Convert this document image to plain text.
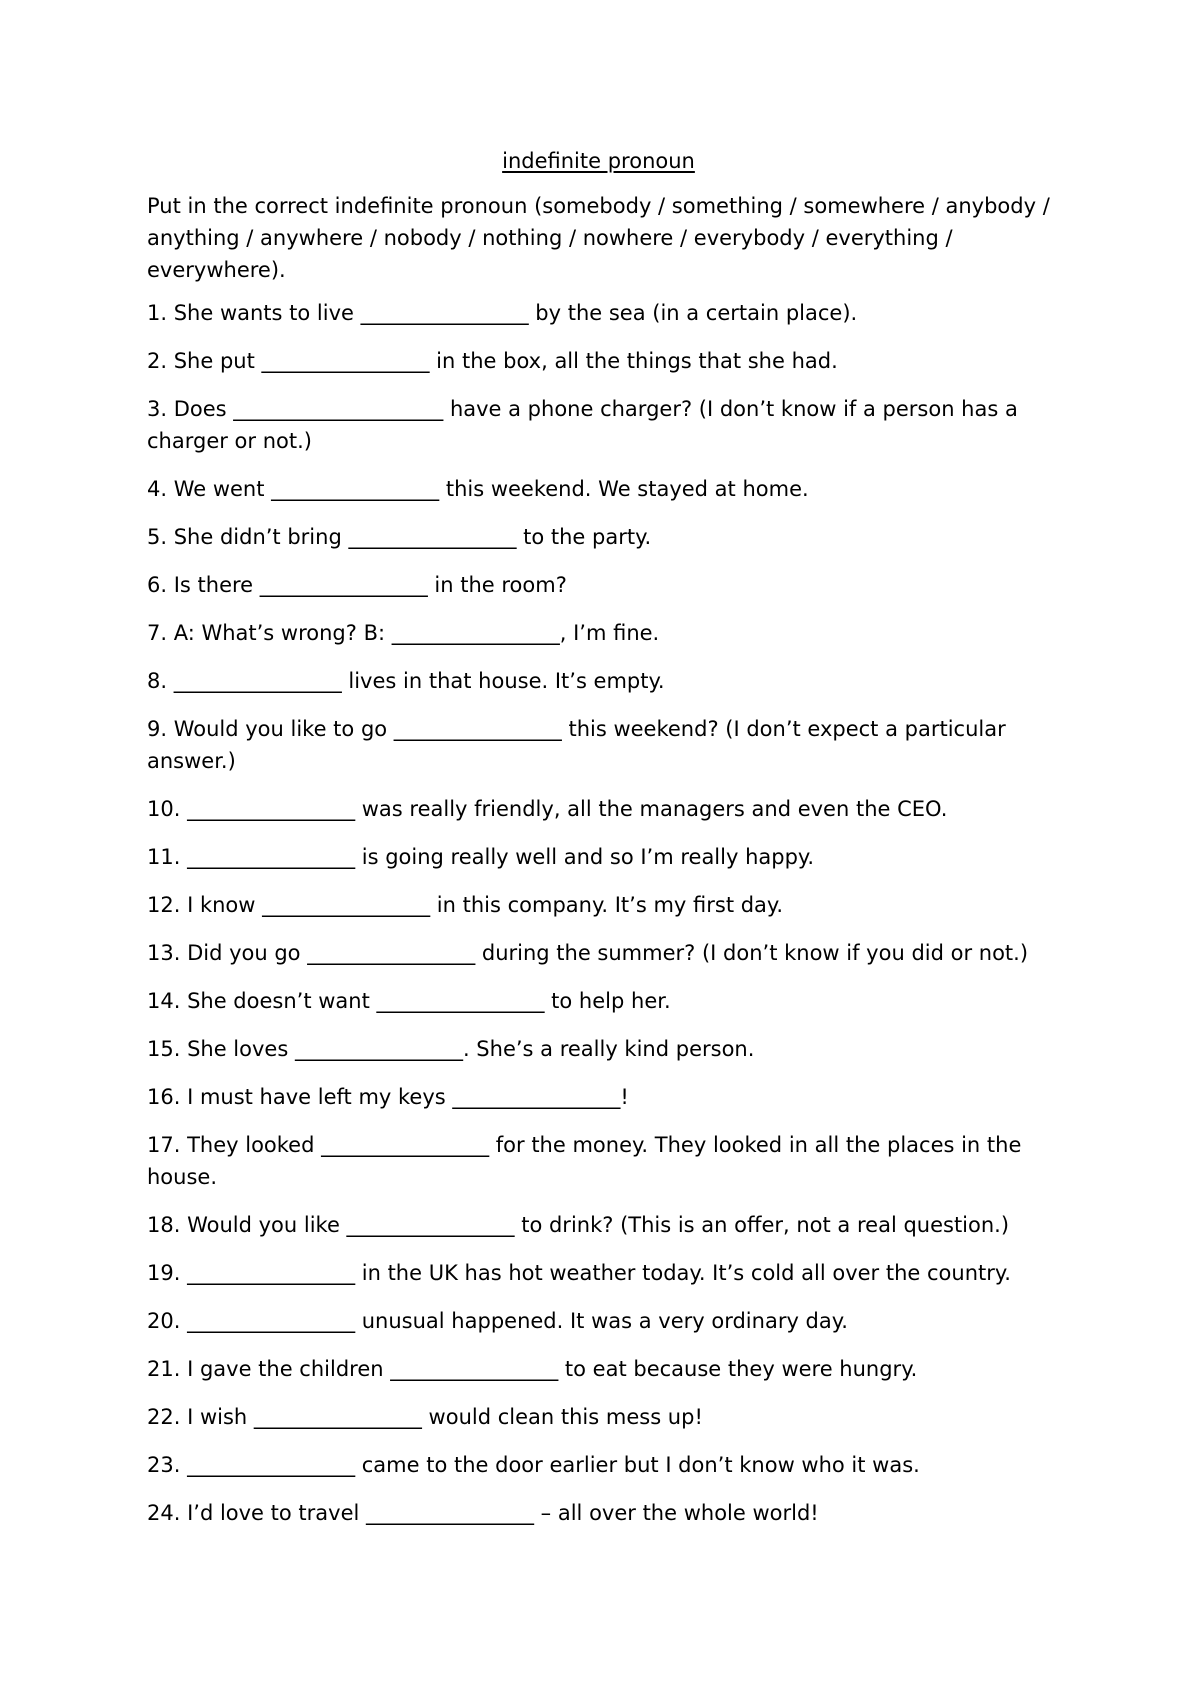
indefinite pronoun
Put in the correct indefinite pronoun (somebody / something / somewhere / anybody / anything / anywhere / nobody / nothing / nowhere / everybody / everything / everywhere).
1. She wants to live ________________ by the sea (in a certain place).
2. She put ________________ in the box, all the things that she had.
3. Does ____________________ have a phone charger? (I don’t know if a person has a charger or not.)
4. We went ________________ this weekend. We stayed at home.
5. She didn’t bring ________________ to the party.
6. Is there ________________ in the room?
7. A: What’s wrong? B: ________________, I’m fine.
8. ________________ lives in that house. It’s empty.
9. Would you like to go ________________ this weekend? (I don’t expect a particular answer.)
10. ________________ was really friendly, all the managers and even the CEO.
11. ________________ is going really well and so I’m really happy.
12. I know ________________ in this company. It’s my first day.
13. Did you go ________________ during the summer? (I don’t know if you did or not.)
14. She doesn’t want ________________ to help her.
15. She loves ________________. She’s a really kind person.
16. I must have left my keys ________________!
17. They looked ________________ for the money. They looked in all the places in the house.
18. Would you like ________________ to drink? (This is an offer, not a real question.)
19. ________________ in the UK has hot weather today. It’s cold all over the country.
20. ________________ unusual happened. It was a very ordinary day.
21. I gave the children ________________ to eat because they were hungry.
22. I wish ________________ would clean this mess up!
23. ________________ came to the door earlier but I don’t know who it was.
24. I’d love to travel ________________ – all over the whole world!
